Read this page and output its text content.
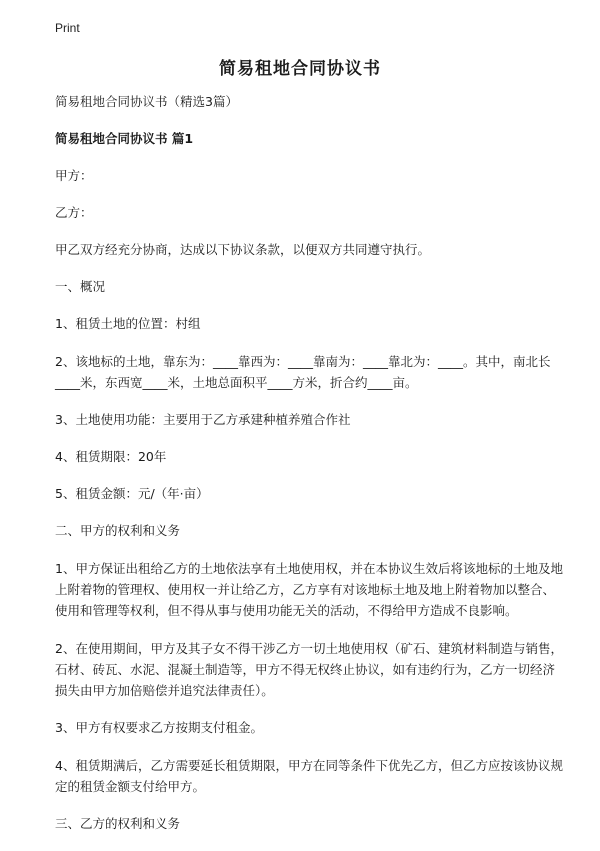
Print
简易租地合同协议书

简易租地合同协议书（精选3篇）

简易租地合同协议书 篇1

甲方：

乙方：

甲乙双方经充分协商，达成以下协议条款，以便双方共同遵守执行。

一、概况

1、租赁土地的位置：村组

2、该地标的土地，靠东为：____靠西为：____靠南为：____靠北为：____。其中，南北长____米，东西宽____米，土地总面积平____方米，折合约____亩。

3、土地使用功能：主要用于乙方承建种植养殖合作社

4、租赁期限：20年

5、租赁金额：元/（年·亩）

二、甲方的权利和义务

1、甲方保证出租给乙方的土地依法享有土地使用权，并在本协议生效后将该地标的土地及地上附着物的管理权、使用权一并让给乙方，乙方享有对该地标土地及地上附着物加以整合、使用和管理等权利，但不得从事与使用功能无关的活动，不得给甲方造成不良影响。

2、在使用期间，甲方及其子女不得干涉乙方一切土地使用权（矿石、建筑材料制造与销售，石材、砖瓦、水泥、混凝土制造等，甲方不得无权终止协议，如有违约行为，乙方一切经济损失由甲方加倍赔偿并追究法律责任）。

3、甲方有权要求乙方按期支付租金。

4、租赁期满后，乙方需要延长租赁期限，甲方在同等条件下优先乙方，但乙方应按该协议规定的租赁金额支付给甲方。

三、乙方的权利和义务
